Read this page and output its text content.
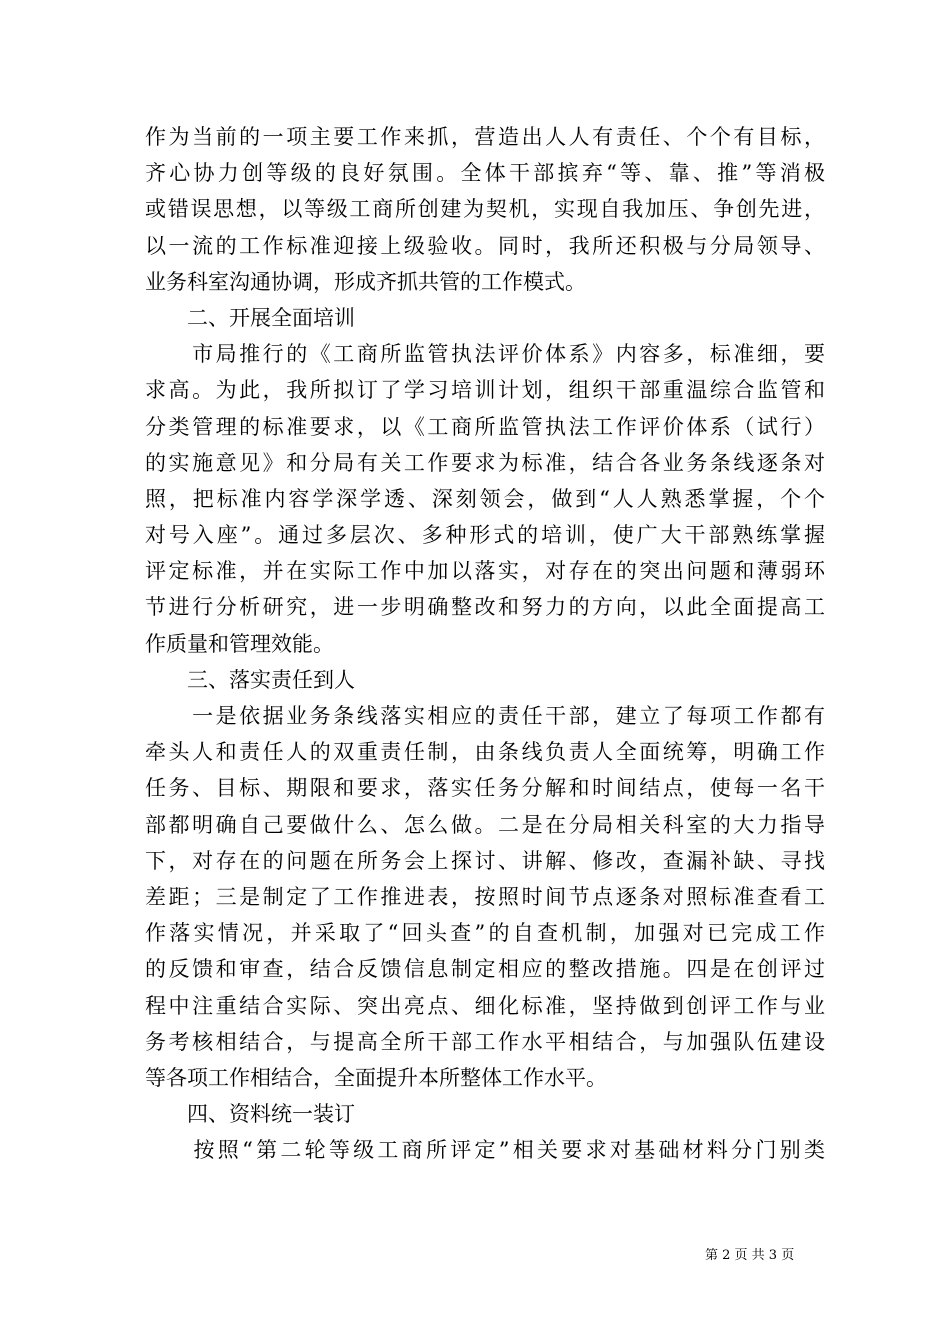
作为当前的一项主要工作来抓，营造出人人有责任、个个有目标，
齐心协力创等级的良好氛围。全体干部摈弃“等、靠、推”等消极
或错误思想，以等级工商所创建为契机，实现自我加压、争创先进，
以一流的工作标准迎接上级验收。同时，我所还积极与分局领导、
业务科室沟通协调，形成齐抓共管的工作模式。
　　二、开展全面培训
　　市局推行的《工商所监管执法评价体系》内容多，标准细，要
求高。为此，我所拟订了学习培训计划，组织干部重温综合监管和
分类管理的标准要求，以《工商所监管执法工作评价体系（试行）
的实施意见》和分局有关工作要求为标准，结合各业务条线逐条对
照，把标准内容学深学透、深刻领会，做到“人人熟悉掌握，个个
对号入座”。通过多层次、多种形式的培训，使广大干部熟练掌握
评定标准，并在实际工作中加以落实，对存在的突出问题和薄弱环
节进行分析研究，进一步明确整改和努力的方向，以此全面提高工
作质量和管理效能。
　　三、落实责任到人
　　一是依据业务条线落实相应的责任干部，建立了每项工作都有
牵头人和责任人的双重责任制，由条线负责人全面统筹，明确工作
任务、目标、期限和要求，落实任务分解和时间结点，使每一名干
部都明确自己要做什么、怎么做。二是在分局相关科室的大力指导
下，对存在的问题在所务会上探讨、讲解、修改，查漏补缺、寻找
差距；三是制定了工作推进表，按照时间节点逐条对照标准查看工
作落实情况，并采取了“回头查”的自查机制，加强对已完成工作
的反馈和审查，结合反馈信息制定相应的整改措施。四是在创评过
程中注重结合实际、突出亮点、细化标准，坚持做到创评工作与业
务考核相结合，与提高全所干部工作水平相结合，与加强队伍建设
等各项工作相结合，全面提升本所整体工作水平。
　　四、资料统一装订
　　按照“第二轮等级工商所评定”相关要求对基础材料分门别类
第 2 页 共 3 页
